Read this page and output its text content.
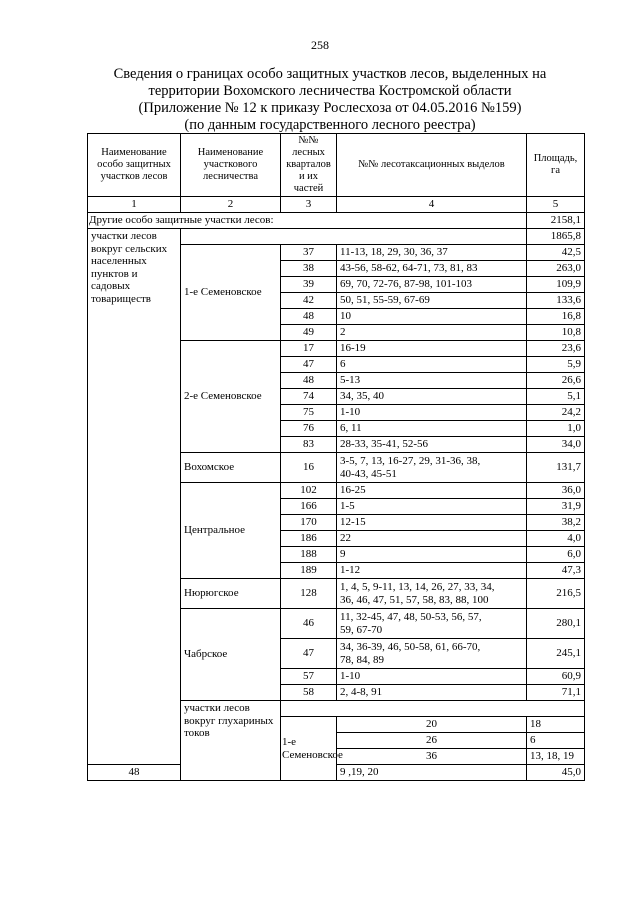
258
Сведения о границах особо защитных участков лесов, выделенных на
территории Вохомского лесничества Костромской области
(Приложение № 12 к приказу Рослесхоза от 04.05.2016 №159)
(по данным государственного лесного реестра)
Наименование особо защитных участков лесов	Наименование участкового лесничества	№№ лесных кварталов и их частей	№№ лесотаксационных выделов	Площадь, га	
1	2	3	4	5	
Другие особо защитные участки лесов:				2158,1	
участки лесов вокруг сельских населенных пунктов и садовых товариществ				1865,8	
	1-е Семеновское	37	11-13, 18, 29, 30, 36, 37	42,5	
		38	43-56, 58-62, 64-71, 73, 81, 83	263,0	
		39	69, 70, 72-76, 87-98, 101-103	109,9	
		42	50, 51, 55-59, 67-69	133,6	
		48	10	16,8	
		49	2	10,8	
	2-е Семеновское	17	16-19	23,6	
		47	6	5,9	
		48	5-13	26,6	
		74	34, 35, 40	5,1	
		75	1-10	24,2	
		76	6, 11	1,0	
		83	28-33, 35-41, 52-56	34,0	
	Вохомское	16	3-5, 7, 13, 16-27, 29, 31-36, 38,
40-43, 45-51	131,7	
	Центральное	102	16-25	36,0	
		166	1-5	31,9	
		170	12-15	38,2	
		186	22	4,0	
		188	9	6,0	
		189	1-12	47,3	
	Нюрюгское	128	1, 4, 5, 9-11, 13, 14, 26, 27, 33, 34,
36, 46, 47, 51, 57, 58, 83, 88, 100	216,5	
	Чабрское	46	11, 32-45, 47, 48, 50-53, 56, 57,
59, 67-70	280,1	
		47	34, 36-39, 46, 50-58, 61, 66-70,
78, 84, 89	245,1	
		57	1-10	60,9	
		58	2, 4-8, 91	71,1	
	участки лесов вокруг глухариных токов		
		1-е Семеновское	20	18	
			26	6	
			36	13, 18, 19	
48			9 ,19, 20	45,0	
